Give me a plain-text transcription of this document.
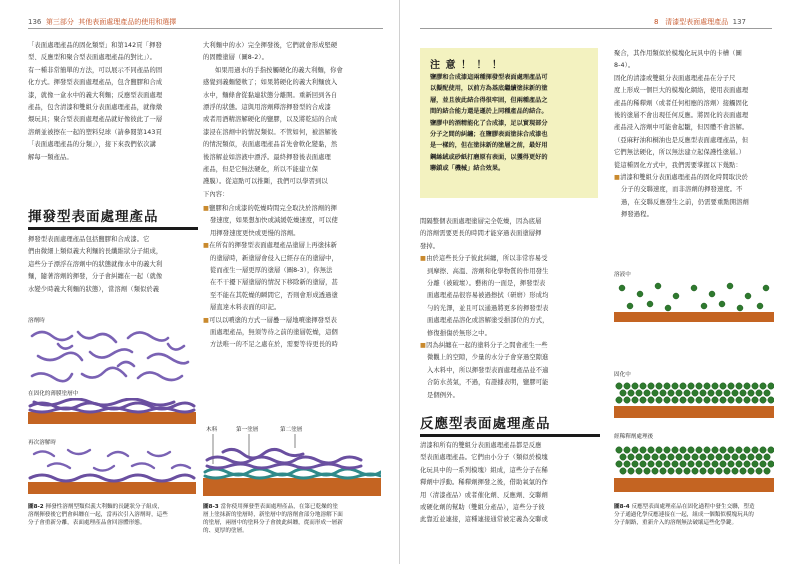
136 第三部分 其他表面處理產品的使用和選擇
「表面處理產品的固化類型」和第142頁「揮發
型、反應型和聚合型表面處理產品的對比」）。
有一種非常簡單的方法，可以展示不同產品的固
化方式。揮發型表面處理產品，包含鹽膠和合成
漆，就像一盒水中的義大利麵；反應型表面處理
產品，包含清漆和雙組分表面處理產品，就像燉
煨玩具；聚合型表面處理產品就好像彼此了一層
溶劑並被擦在一起的塑料兒球（請參閱第143頁
「表面處理產品的分類」），接下來我們依次講
解每一類產品。
揮發型表面處理產品
揮發型表面處理產品包括鹽膠和合成漆。它
們由微細上類似義大利麵的長纖維狀分子組成，
這些分子漂浮在溶劑中的狀態就像水中的義大利
麵，隨著溶劑的揮發，分子會糾纏在一起（就像
水變少時義大利麵的狀態），當溶劑（類似於義
大利麵中的水）完全揮發後，它們就會形成堅硬
的固體塗層（圖8-2）。
如果用過水的手指按觸硬化的義大利麵，你會
感覺到義麵變軟了；如果將硬化的義大利麵放入
水中，麵條會從黏連狀態分離開。重新回到各自
漂浮的狀態。這與用溶劑釋溶揮發型的合成漆
或者用酒精溶解硬化的鹽膠，以及將乾結的合成
漆浸在溶劑中的情況類似。不管如何，被溶解後
的情況類似，表面處理產品首先會軟化變黏，然
後溶解並如溶液中漂浮。最終揮發後表面處理
產品，但是它無法硬化，所以不能建立保
護膜）。從這點可以推斷，我們可以學習到以
下內容：
■鹽膠和合成漆的乾燥時間完全取決於溶劑的揮
發速度，如果想加快或減緩乾燥速度，可以使
用揮發速度更快或更慢的溶劑。
■在所有的揮發型表面處理產品塗層上再塗抹新
的塗層時，新塗層會侵入已經存在的塗層中，
從而產生一層更厚的塗層（圖8-3），你無法
在不干擾下層塗層的情況下移除新的塗層，甚
至不能在其乾燥的瞬間它，否則會形成透過塗
層直達木料表面的印記。
■可以以噴塗的方式一層疊一層地噴塗揮發型表
面處理產品，無須等待之前的塗層乾燥，這個
方法唯一的不足之處在於，需要等待更長的時
溶劑時
在固化的薄膜塗層中
再次溶解時
圖8-2 揮發性溶劑型類似義大利麵的長鏈狀分子組成，
溶劑揮發後它們會糾纏在一起，當再次引入溶劑時，這些
分子會重新分離，表面處理產品會回溶體形態。
木料	第一塗層	第二塗層
圖8-3 當你使用揮發型表面處理產品，在第已乾燥的塗
層上塗抹新的塗層時，新塗層中的溶劑會部分地溶解下面
的塗層，兩層中的塗料分子會彼此糾纏，從而形成一層新
的、更厚的塗層。
8 清漆型表面處理產品 137
注 意 ！ ！ ！
鹽膠和合成漆這兩種揮發型表面處理產品可
以擬配使用，以前方為基底繼續塗抹新的塗
層，並且彼此結合得很牢固，但兩種產品之
間的結合能力還是遜於上同種產品的結合。
鹽膠中的酒精能化了合成漆，足以實現部分
分子之間的糾纏；在鹽膠表面塗抹合成漆也
是一樣的，但在塗抹新的塗層之前，最好用
鋼絲絨或砂紙打磨原有表面，以獲得更好的
聯鎖或「機械」結合效果。
間隔整個表面處理塗層完全乾燥，因為底層
的溶劑需要更長的時間才能穿過表面塗層揮
發掉。
■由於這些長分子彼此糾纏，所以非常容易受
到摩擦、高溫、溶劑和化學物質的作用發生
分離（被破壞）。藝術的一面是，揮發型表
面處理產品很容易被過擦拭（研磨）形成均
勻的光澤，並且可以通過將更多的揮發型表
面處理產品溶化或溶解塗受損部位的方式，
修復損傷於無形之中。
■因為糾纏在一起的塗料分子之間會產生一些
微觀上的空隙，少量的水分子會穿過空隙進
入木料中，所以揮發型表面處理產品並不適
合防水蒸氣，不過，有證據表明，鹽膠可能
是個例外。
反應型表面處理產品
清漆和所有的雙組分表面處理產品都是反應
型表面處理產品。它們由小分子（類似於模塊
化玩具中的一系列模塊）組成，這些分子在稀
釋劑中浮動。稀釋劑揮發之後，借助氧氣的作
用（清漆產品）或者催化劑、反應劑、交聯劑
或硬化劑的幫助（雙組分產品），這些分子彼
此靠近並連接，這種連接通常被定義為交聯或
聚合，其作用類似於模塊化玩具中的卡槽（圖
8-4）。
固化的清漆或雙組分表面處理產品在分子尺
度上形成一個巨大的模塊化網絡，使用表面處理
產品的稀釋劑（或者任何相應的溶劑）接觸固化
後的塗層不會出現任何反應。將固化的表面處理
產品浸入溶劑中可能會起皺，但因體不會溶解。
（亞麻籽油和桐油也是反應型表面處理產品，但
它們無法硬化，所以無法建立起保護性塗層。）
從這種固化方式中，我們需要掌握以下幾點：
■清漆和雙組分表面處理產品的固化時間取決於
分子的交聯速度，而非溶劑的揮發速度。不
過，在交聯反應發生之前，仍需要重點開溶劑
揮發過程。
溶液中
固化中
經稀釋劑處理後
圖8-4 反應型表面處理產品在固化過程中發生交聯，塑造
分子通過化學反應連接在一起，組成一個類似模塊玩具的
分子網路，重新介入的溶劑無法破壞這些化學鍵。
